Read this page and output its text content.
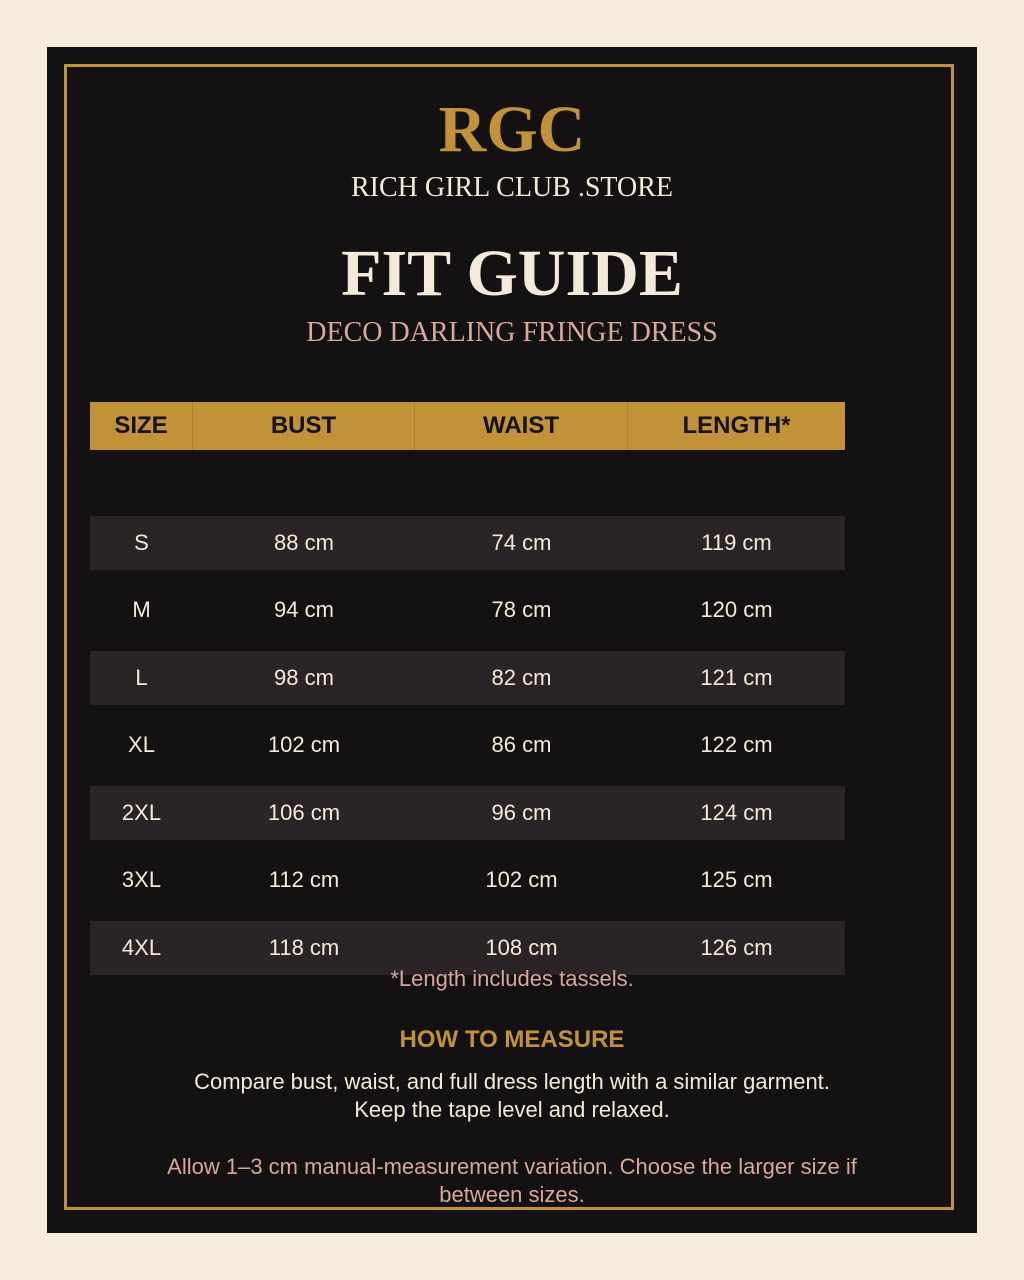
RGC
RICH GIRL CLUB .STORE
FIT GUIDE
DECO DARLING FRINGE DRESS
SIZE	BUST	WAIST	LENGTH*
S	88 cm	74 cm	119 cm
M	94 cm	78 cm	120 cm
L	98 cm	82 cm	121 cm
XL	102 cm	86 cm	122 cm
2XL	106 cm	96 cm	124 cm
3XL	112 cm	102 cm	125 cm
4XL	118 cm	108 cm	126 cm
*Length includes tassels.
HOW TO MEASURE
Compare bust, waist, and full dress length with a similar garment.
Keep the tape level and relaxed.
Allow 1–3 cm manual-measurement variation. Choose the larger size if between sizes.
